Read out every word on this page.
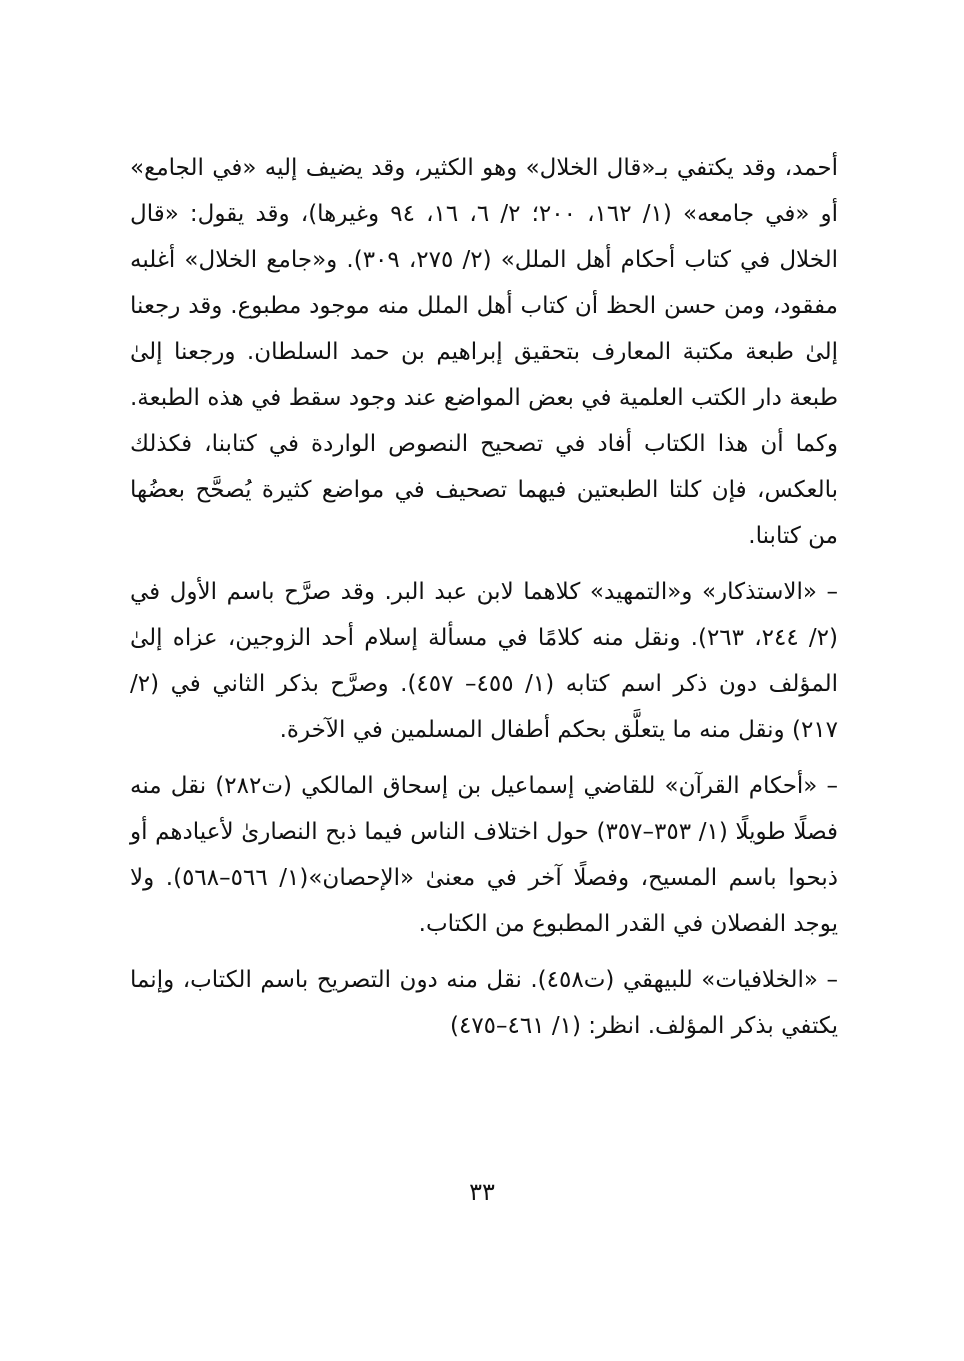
أحمد، وقد يكتفي بـ«قال الخلال» وهو الكثير، وقد يضيف إليه «في الجامع» أو «في جامعه» (١/ ١٦٢، ٢٠٠؛ ٢/ ٦، ١٦، ٩٤ وغيرها)، وقد يقول: «قال الخلال في كتاب أحكام أهل الملل» (٢/ ٢٧٥، ٣٠٩). و«جامع الخلال» أغلبه مفقود، ومن حسن الحظ أن كتاب أهل الملل منه موجود مطبوع. وقد رجعنا إلىٰ طبعة مكتبة المعارف بتحقيق إبراهيم بن حمد السلطان. ورجعنا إلىٰ طبعة دار الكتب العلمية في بعض المواضع عند وجود سقط في هذه الطبعة. وكما أن هذا الكتاب أفاد في تصحيح النصوص الواردة في كتابنا، فكذلك بالعكس، فإن كلتا الطبعتين فيهما تصحيف في مواضع كثيرة يُصحَّح بعضُها من كتابنا.

– «الاستذكار» و«التمهيد» كلاهما لابن عبد البر. وقد صرَّح باسم الأول في (٢/ ٢٤٤، ٢٦٣). ونقل منه كلامًا في مسألة إسلام أحد الزوجين، عزاه إلىٰ المؤلف دون ذكر اسم كتابه (١/ ٤٥٥– ٤٥٧). وصرَّح بذكر الثاني في (٢/ ٢١٧) ونقل منه ما يتعلَّق بحكم أطفال المسلمين في الآخرة.

– «أحكام القرآن» للقاضي إسماعيل بن إسحاق المالكي (ت٢٨٢) نقل منه فصلًا طويلًا (١/ ٣٥٣–٣٥٧) حول اختلاف الناس فيما ذبح النصارىٰ لأعيادهم أو ذبحوا باسم المسيح، وفصلًا آخر في معنىٰ «الإحصان»(١/ ٥٦٦–٥٦٨). ولا يوجد الفصلان في القدر المطبوع من الكتاب.

– «الخلافيات» للبيهقي (ت٤٥٨). نقل منه دون التصريح باسم الكتاب، وإنما يكتفي بذكر المؤلف. انظر: (١/ ٤٦١–٤٧٥)

٣٣
